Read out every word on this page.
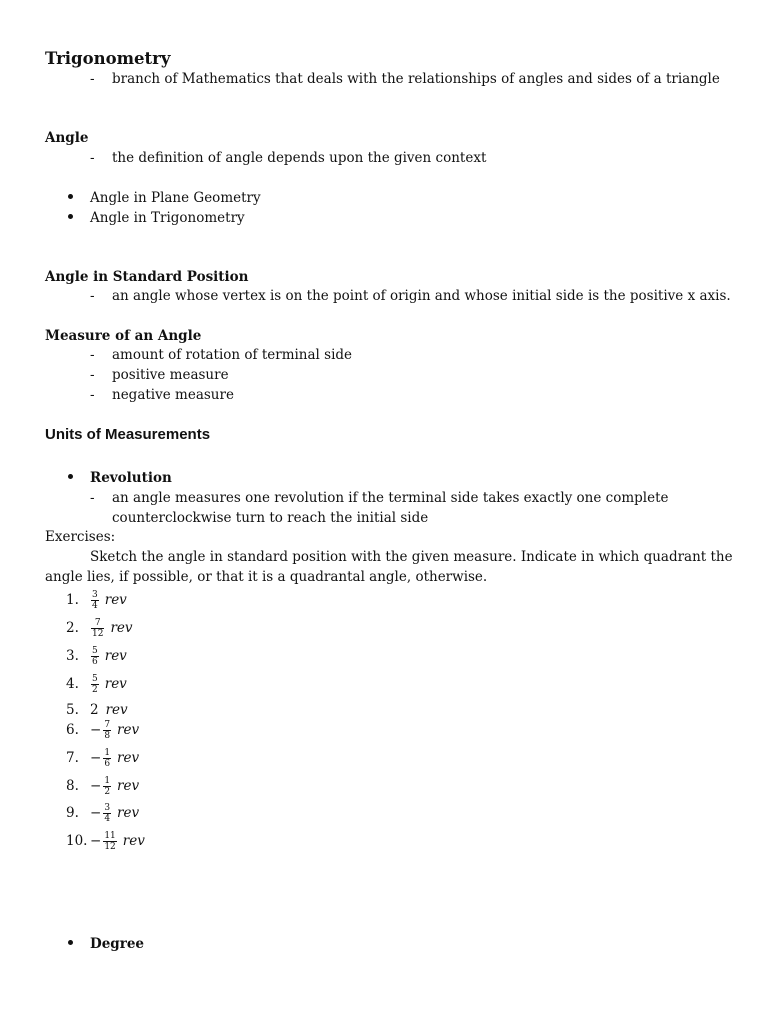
Trigonometry
- branch of Mathematics that deals with the relationships of angles and sides of a triangle
Angle
- the definition of angle depends upon the given context
Angle in Plane Geometry
Angle in Trigonometry
Angle in Standard Position
- an angle whose vertex is on the point of origin and whose initial side is the positive x axis.
Measure of an Angle
- amount of rotation of terminal side
- positive measure
- negative measure
Units of Measurements
Revolution
- an angle measures one revolution if the terminal side takes exactly one complete
counterclockwise turn to reach the initial side
Exercises:
Sketch the angle in standard position with the given measure. Indicate in which quadrant the
angle lies, if possible, or that it is a quadrantal angle, otherwise.
1. $\frac{3}{4}$ rev
2. $\frac{7}{12}$ rev
3. $\frac{5}{6}$ rev
4. $\frac{5}{2}$ rev
5. 2 rev
6. − $\frac{7}{8}$ rev
7. − $\frac{1}{6}$ rev
8. − $\frac{1}{2}$ rev
9. − $\frac{3}{4}$ rev
10. − $\frac{11}{12}$ rev
Degree
